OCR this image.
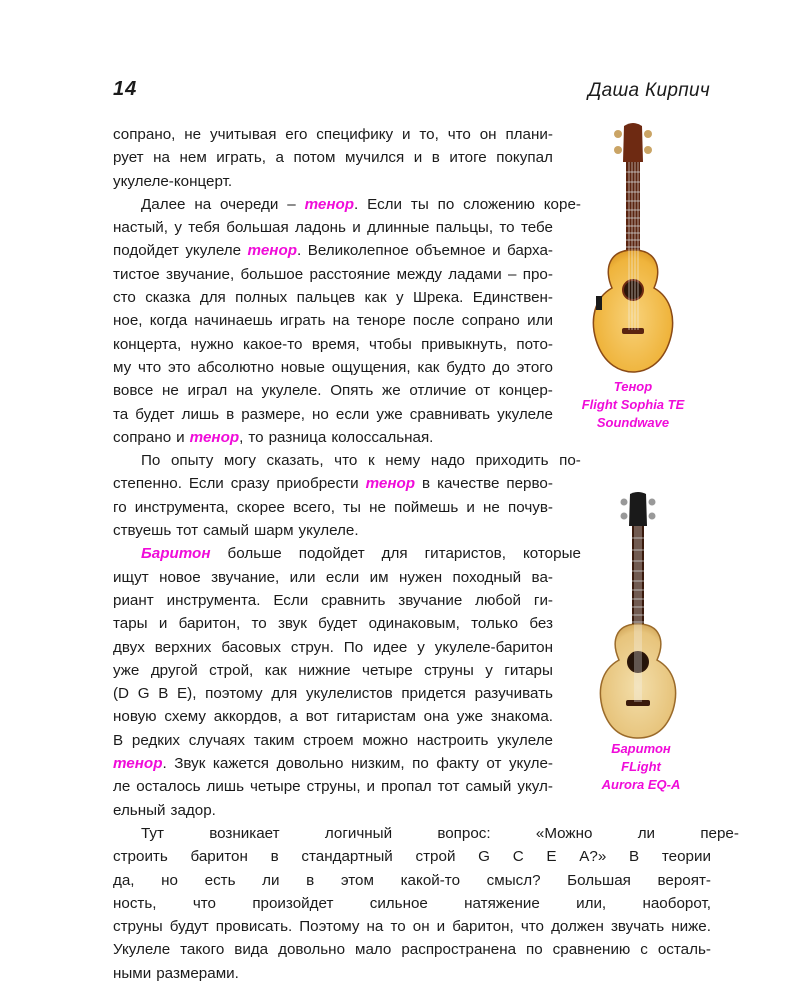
14	Даша Кирпич
сопрано, не учитывая его специфику и то, что он плани-
рует на нем играть, а потом мучился и в итоге покупал
укулеле-концерт.
Далее на очереди – тенор. Если ты по сложению коре-
настый, у тебя большая ладонь и длинные пальцы, то тебе
подойдет укулеле тенор. Великолепное объемное и барха-
тистое звучание, большое расстояние между ладами – про-
сто сказка для полных пальцев как у Шрека. Единствен-
ное, когда начинаешь играть на теноре после сопрано или
концерта, нужно какое-то время, чтобы привыкнуть, пото-
му что это абсолютно новые ощущения, как будто до этого
вовсе не играл на укулеле. Опять же отличие от концер-
та будет лишь в размере, но если уже сравнивать укулеле
сопрано и тенор, то разница колоссальная.
По опыту могу сказать, что к нему надо приходить по-
степенно. Если сразу приобрести тенор в качестве перво-
го инструмента, скорее всего, ты не поймешь и не почув-
ствуешь тот самый шарм укулеле.
Баритон больше подойдет для гитаристов, которые
ищут новое звучание, или если им нужен походный ва-
риант инструмента. Если сравнить звучание любой ги-
тары и баритон, то звук будет одинаковым, только без
двух верхних басовых струн. По идее у укулеле-баритон
уже другой строй, как нижние четыре струны у гитары
(D G B E), поэтому для укулелистов придется разучивать
новую схему аккордов, а вот гитаристам она уже знакома.
В редких случаях таким строем можно настроить укулеле
тенор. Звук кажется довольно низким, по факту от укуле-
ле осталось лишь четыре струны, и пропал тот самый укул-
ельный задор.
Тут	возникает	логичный	вопрос:	«Можно	ли	пере-
строить баритон в стандартный строй G C E A?» В теории
да, но есть ли в этом какой-то смысл? Большая вероят-
ность, что произойдет сильное натяжение или, наоборот,
струны будут провисать. Поэтому на то он и баритон, что должен звучать ниже.
Укулеле такого вида довольно мало распространена по сравнению с осталь-
ными размерами.
Тенор
Flight Sophia TE
Soundwave
Баритон
FLight
Aurora EQ-A
